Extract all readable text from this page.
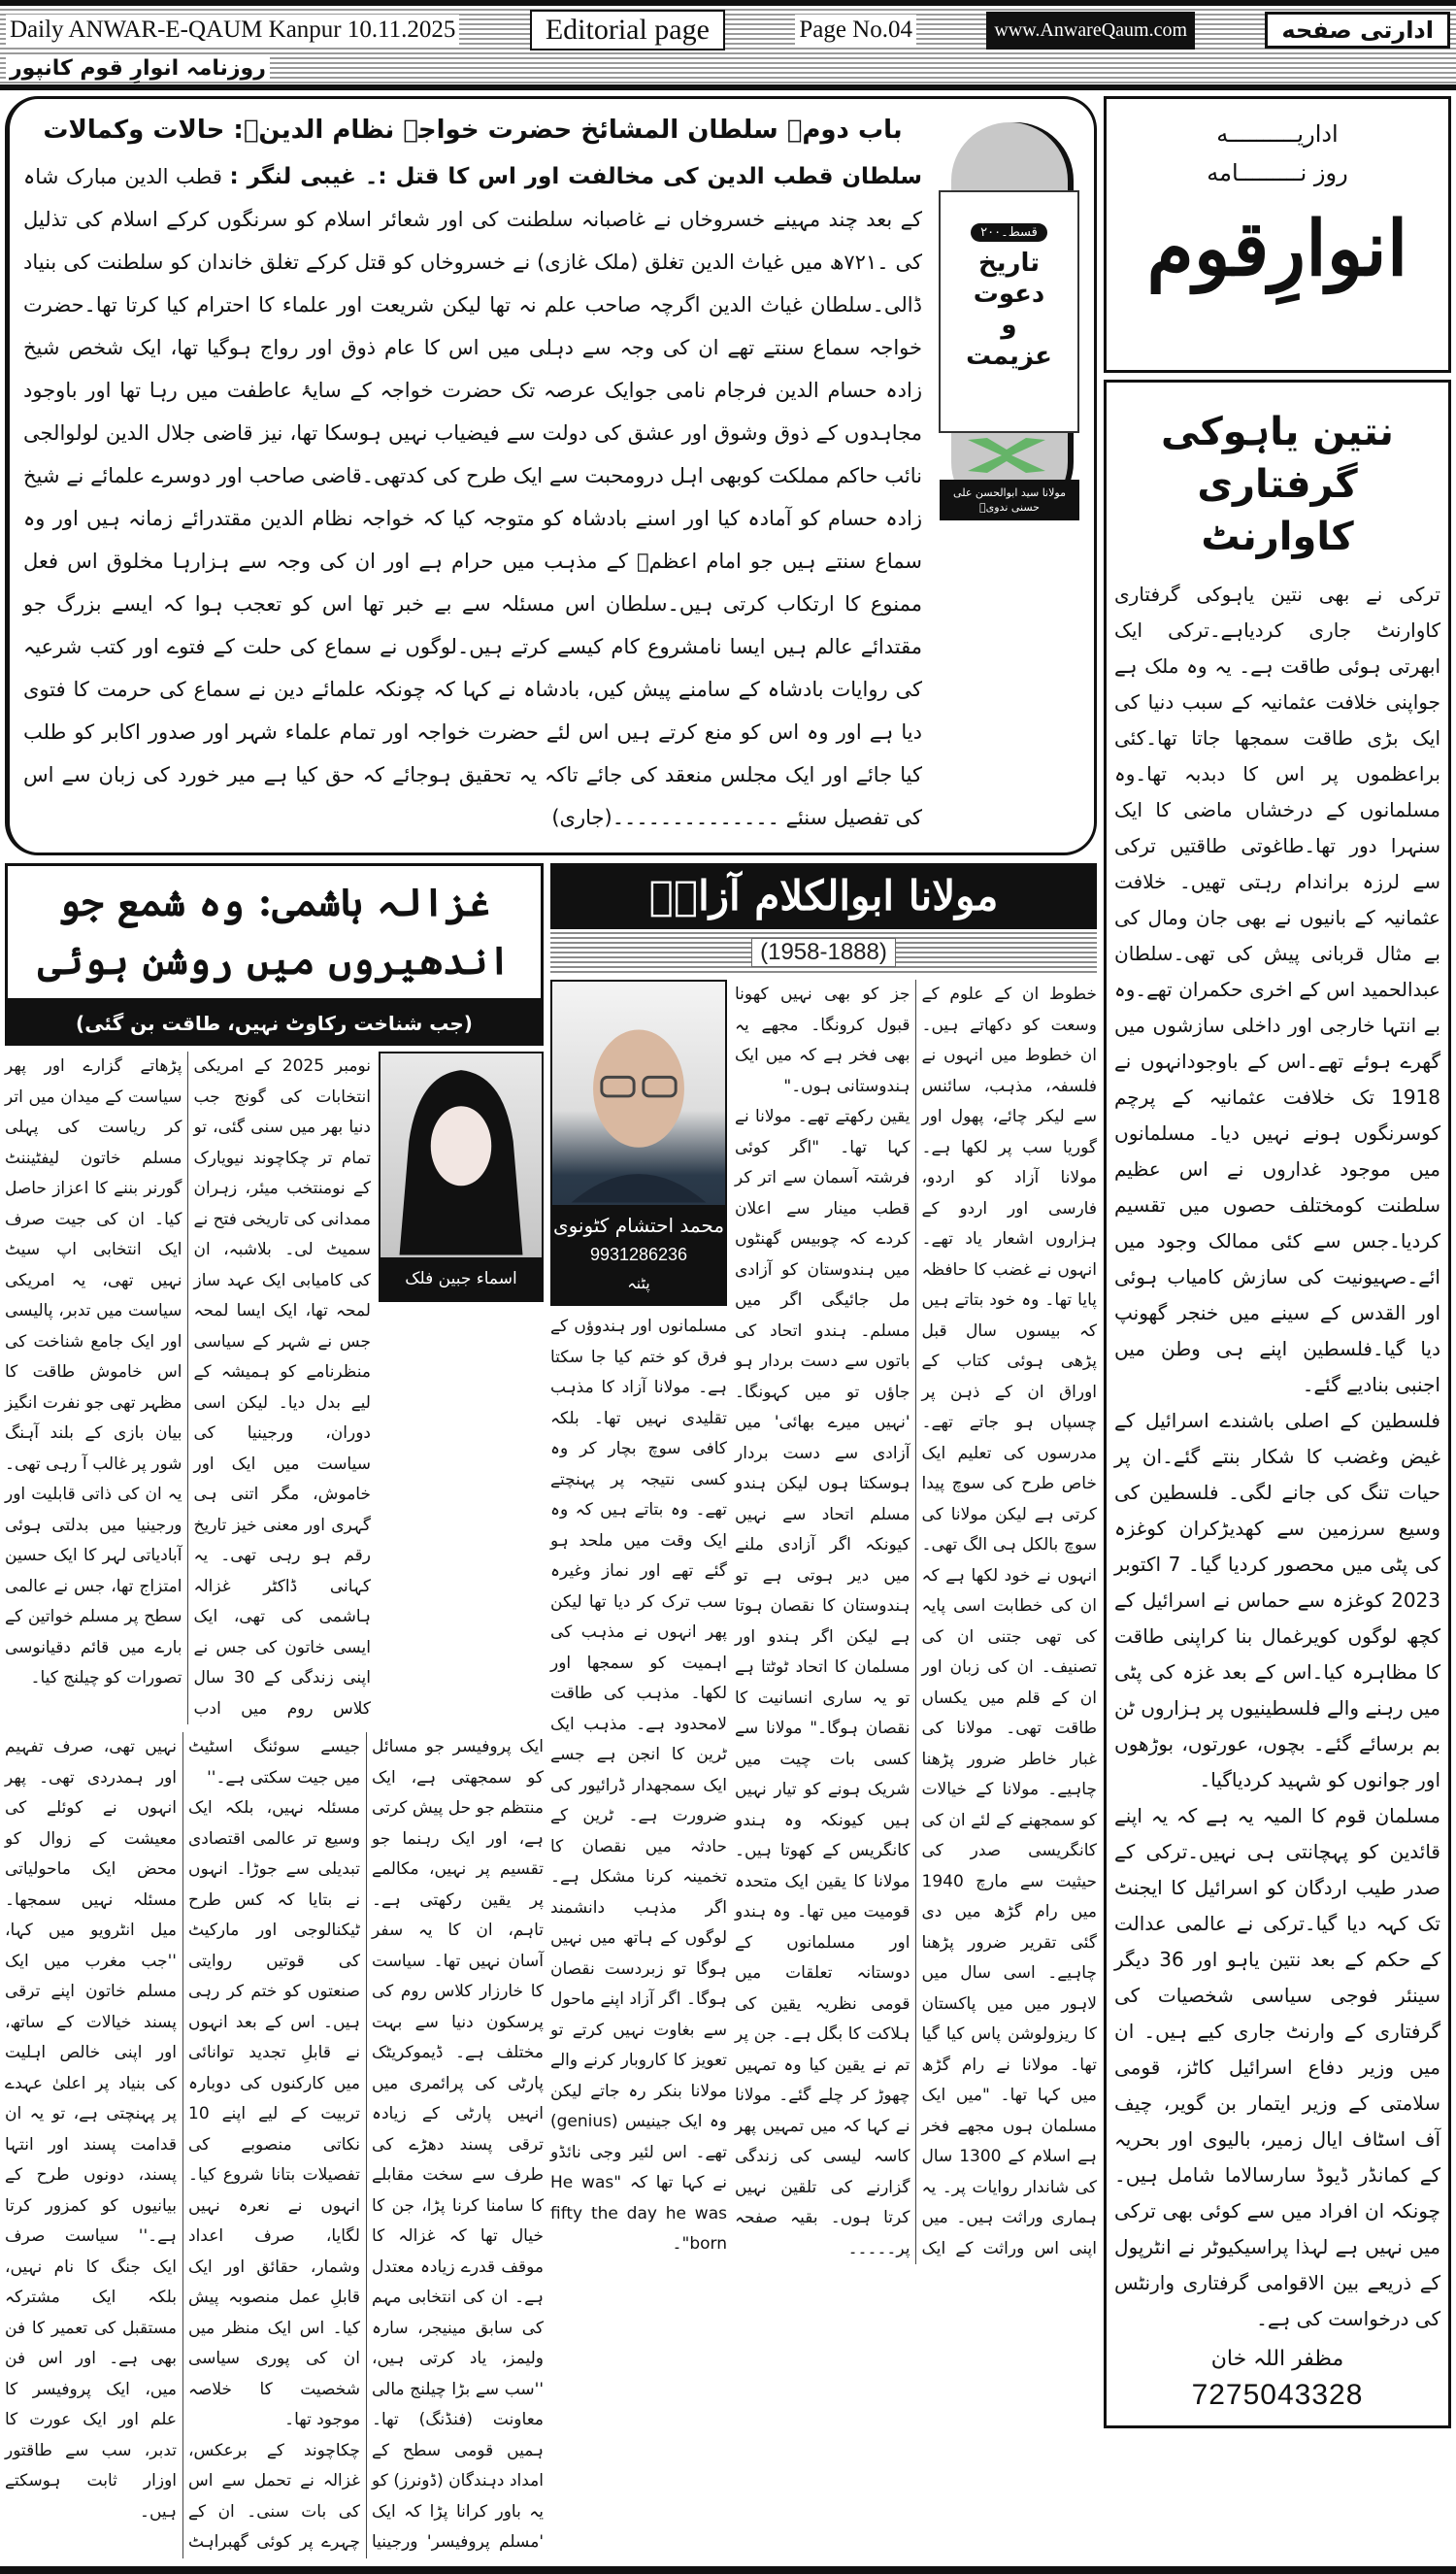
Daily ANWAR-E-QAUM Kanpur 10.11.2025	Editorial page	Page No.04	www.AnwareQaum.com	ادارتی صفحه
روزنامہ انوارِ قوم کانپور
باب دوم۔ سلطان المشائخ حضرت خواجہ نظام الدینؒ: حالات وکمالات
سلطان قطب الدین کی مخالفت اور اس کا قتل :۔ غیبی لنگر : قطب الدین مبارک شاہ کے بعد چند مہینے خسروخاں نے غاصبانہ سلطنت کی اور شعائر اسلام کو سرنگوں کرکے اسلام کی تذلیل کی ۔۷۲۱ھ میں غیاث الدین تغلق (ملک غازی) نے خسروخاں کو قتل کرکے تغلق خاندان کو سلطنت کی بنیاد ڈالی۔سلطان غیاث الدین اگرچہ صاحب علم نہ تھا لیکن شریعت اور علماء کا احترام کیا کرتا تھا۔حضرت خواجہ سماع سنتے تھے ان کی وجہ سے دہلی میں اس کا عام ذوق اور رواج ہوگیا تھا، ایک شخص شیخ زادہ حسام الدین فرجام نامی جوایک عرصہ تک حضرت خواجہ کے سایۂ عاطفت میں رہا تھا اور باوجود مجاہدوں کے ذوق وشوق اور عشق کی دولت سے فیضیاب نہیں ہوسکا تھا، نیز قاضی جلال الدین لولوالجی نائب حاکم مملکت کوبھی اہل درومحبت سے ایک طرح کی کدتھی۔قاضی صاحب اور دوسرے علمائے نے شیخ زادہ حسام کو آمادہ کیا اور اسنے بادشاہ کو متوجہ کیا کہ خواجہ نظام الدین مقتدرائے زمانہ ہیں اور وہ سماع سنتے ہیں جو امام اعظمؒ کے مذہب میں حرام ہے اور ان کی وجہ سے ہزارہا مخلوق اس فعل ممنوع کا ارتکاب کرتی ہیں۔سلطان اس مسئلہ سے بے خبر تھا اس کو تعجب ہوا کہ ایسے بزرگ جو مقتدائے عالم ہیں ایسا نامشروع کام کیسے کرتے ہیں۔لوگوں نے سماع کی حلت کے فتوے اور کتب شرعیہ کی روایات بادشاہ کے سامنے پیش کیں، بادشاہ نے کہا کہ چونکہ علمائے دین نے سماع کی حرمت کا فتوی دیا ہے اور وہ اس کو منع کرتے ہیں اس لئے حضرت خواجہ اور تمام علماء شہر اور صدور اکابر کو طلب کیا جائے اور ایک مجلس منعقد کی جائے تاکہ یہ تحقیق ہوجائے کہ حق کیا ہے میر خورد کی زبان سے اس کی تفصیل سنئے ۔۔۔۔۔۔۔۔۔۔۔۔۔۔(جاری)
قسط۔۲۰۰
تاریخ دعوت
و
عزیمت
مولانا سید ابوالحسن علی حسنی ندویؒ
غزالہ ہاشمی: وہ شمع جو اندھیروں میں روشن ہوئی
(جب شناخت رکاوٹ نہیں، طاقت بن گئی)

نومبر 2025 کے امریکی انتخابات کی گونج جب دنیا بھر میں سنی گئی، تو تمام تر چکاچوند نیویارک کے نومنتخب میئر، زہران ممدانی کی تاریخی فتح نے سمیٹ لی۔ بلاشبہ، ان کی کامیابی ایک عہد ساز لمحہ تھا، ایک ایسا لمحہ جس نے شہر کے سیاسی منظرنامے کو ہمیشہ کے لیے بدل دیا۔ لیکن اسی دوران، ورجینیا کی سیاست میں ایک اور خاموش، مگر اتنی ہی گہری اور معنی خیز تاریخ رقم ہو رہی تھی۔ یہ کہانی ڈاکٹر غزالہ ہاشمی کی تھی، ایک ایسی خاتون کی جس نے اپنی زندگی کے 30 سال کلاس روم میں ادب پڑھاتے گزارے اور پھر سیاست کے میدان میں اتر کر ریاست کی پہلی مسلم خاتون لیفٹیننٹ گورنر بننے کا اعزاز حاصل کیا۔ ان کی جیت صرف ایک انتخابی اپ سیٹ نہیں تھی، یہ امریکی سیاست میں تدبر، پالیسی اور ایک جامع شناخت کی اس خاموش طاقت کا مظہر تھی جو نفرت انگیز بیان بازی کے بلند آہنگ شور پر غالب آ رہی تھی۔ یہ ان کی ذاتی قابلیت اور ورجینیا میں بدلتی ہوئی آبادیاتی لہر کا ایک حسین امتزاج تھا، جس نے عالمی سطح پر مسلم خواتین کے بارے میں قائم دقیانوسی تصورات کو چیلنج کیا۔

اسماء جبین فلک

ایک پروفیسر جو مسائل کو سمجھتی ہے، ایک منتظم جو حل پیش کرتی ہے، اور ایک رہنما جو تقسیم پر نہیں، مکالمے پر یقین رکھتی ہے۔ تاہم، ان کا یہ سفر آسان نہیں تھا۔ سیاست کا خارزار کلاس روم کی پرسکون دنیا سے بہت مختلف ہے۔ ڈیموکریٹک پارٹی کی پرائمری میں انہیں پارٹی کے زیادہ ترقی پسند دھڑے کی طرف سے سخت مقابلے کا سامنا کرنا پڑا، جن کا خیال تھا کہ غزالہ کا موقف قدرے زیادہ معتدل ہے۔ ان کی انتخابی مہم کی سابق مینیجر، سارہ ولیمز، یاد کرتی ہیں، ''سب سے بڑا چیلنج مالی معاونت (فنڈنگ) تھا۔ ہمیں قومی سطح کے امداد دہندگان (ڈونرز) کو یہ باور کرانا پڑا کہ ایک 'مسلم پروفیسر' ورجینیا جیسے سوئنگ اسٹیٹ میں جیت سکتی ہے۔''

مسئلہ نہیں، بلکہ ایک وسیع تر عالمی اقتصادی تبدیلی سے جوڑا۔ انہوں نے بتایا کہ کس طرح ٹیکنالوجی اور مارکیٹ کی قوتیں روایتی صنعتوں کو ختم کر رہی ہیں۔ اس کے بعد انہوں نے قابلِ تجدید توانائی میں کارکنوں کی دوبارہ تربیت کے لیے اپنے 10 نکاتی منصوبے کی تفصیلات بتانا شروع کیا۔ انہوں نے نعرہ نہیں لگایا، صرف اعداد وشمار، حقائق اور ایک قابلِ عمل منصوبہ پیش کیا۔ اس ایک منظر میں ان کی پوری سیاسی شخصیت کا خلاصہ موجود تھا۔

چکاچوند کے برعکس، غزالہ نے تحمل سے اس کی بات سنی۔ ان کے چہرے پر کوئی گھبراہٹ نہیں تھی، صرف تفہیم اور ہمدردی تھی۔ پھر انہوں نے کوئلے کی معیشت کے زوال کو محض ایک ماحولیاتی مسئلہ نہیں سمجھا۔ میل انٹرویو میں کہا، ''جب مغرب میں ایک مسلم خاتون اپنے ترقی پسند خیالات کے ساتھ، اور اپنی خالص اہلیت کی بنیاد پر اعلیٰ عہدے پر پہنچتی ہے، تو یہ ان قدامت پسند اور انتہا پسند، دونوں طرح کے بیانیوں کو کمزور کرتا ہے۔'' سیاست صرف ایک جنگ کا نام نہیں، بلکہ ایک مشترکہ مستقبل کی تعمیر کا فن بھی ہے۔ اور اس فن میں، ایک پروفیسر کا علم اور ایک عورت کا تدبر، سب سے طاقتور اوزار ثابت ہوسکتے ہیں۔

مولانا ابوالکلام آزادؒ
(1958-1888)
محمد احتشام کٹونوی
9931286236
پٹنہ

مسلمانوں اور ہندوؤں کے فرق کو ختم کیا جا سکتا ہے۔ مولانا آزاد کا مذہب تقلیدی نہیں تھا۔ بلکہ کافی سوچ بچار کر وہ کسی نتیجہ پر پہنچتے تھے۔ وہ بتاتے ہیں کہ وہ ایک وقت میں ملحد ہو گئے تھے اور نماز وغیرہ سب ترک کر دیا تھا لیکن پھر انہوں نے مذہب کی اہمیت کو سمجھا اور لکھا۔ مذہب کی طاقت لامحدود ہے۔ مذہب ایک ٹرین کا انجن ہے جسے ایک سمجھدار ڈرائیور کی ضرورت ہے۔ ٹرین کے حادثہ میں نقصان کا تخمینہ کرنا مشکل ہے۔ اگر مذہب دانشمند لوگوں کے ہاتھ میں نہیں ہوگا تو زبردست نقصان ہوگا۔ اگر آزاد اپنے ماحول سے بغاوت نہیں کرتے تو تعویز کا کاروبار کرنے والے مولانا بنکر رہ جاتے لیکن وہ ایک جینیس (genius) تھے۔ اس لئیر وجی نائڈو نے کہا تھا کہ "He was fifty the day he was born"۔

خطوط ان کے علوم کے وسعت کو دکھاتے ہیں۔ ان خطوط میں انہوں نے فلسفہ، مذہب، سائنس سے لیکر چائے، پھول اور گوریا سب پر لکھا ہے۔ مولانا آزاد کو اردو، فارسی اور اردو کے ہزاروں اشعار یاد تھے۔ انہوں نے غضب کا حافظہ پایا تھا۔ وہ خود بتاتے ہیں کہ بیسوں سال قبل پڑھی ہوئی کتاب کے اوراق ان کے ذہن پر چسپاں ہو جاتے تھے۔ مدرسوں کی تعلیم ایک خاص طرح کی سوچ پیدا کرتی ہے لیکن مولانا کی سوچ بالکل ہی الگ تھی۔ انہوں نے خود لکھا ہے کہ ان کی خطابت اسی پایہ کی تھی جتنی ان کی تصنیف۔ ان کی زبان اور ان کے قلم میں یکساں طاقت تھی۔ مولانا کی غبار خاطر ضرور پڑھنا چاہیے۔ مولانا کے خیالات کو سمجھنے کے لئے ان کی کانگریسی صدر کی حیثیت سے مارچ 1940 میں رام گڑھ میں دی گئی تقریر ضرور پڑھنا چاہیے۔ اسی سال میں لاہور میں میں پاکستان کا ریزولوشن پاس کیا گیا تھا۔ مولانا نے رام گڑھ میں کہا تھا۔ "میں ایک مسلمان ہوں مجھے فخر ہے اسلام کے 1300 سال کی شاندار روایات پر۔ یہ ہماری وراثت ہیں۔ میں اپنی اس وراثت کے ایک جز کو بھی نہیں کھونا قبول کرونگا۔ مجھے یہ بھی فخر ہے کہ میں ایک ہندوستانی ہوں۔"

یقین رکھتے تھے۔ مولانا نے کہا تھا۔ "اگر کوئی فرشتہ آسمان سے اتر کر قطب مینار سے اعلان کردے کہ چوبیس گھنٹوں میں ہندوستان کو آزادی مل جائیگی اگر میں مسلم۔ ہندو اتحاد کی باتوں سے دست بردار ہو جاؤں تو میں کہونگا۔ 'نہیں میرے بھائی' میں آزادی سے دست بردار ہوسکتا ہوں لیکن ہندو مسلم اتحاد سے نہیں کیونکہ اگر آزادی ملنے میں دیر ہوتی ہے تو ہندوستان کا نقصان ہوتا ہے لیکن اگر ہندو اور مسلمان کا اتحاد ٹوٹتا ہے تو یہ ساری انسانیت کا نقصان ہوگا۔" مولانا سے کسی بات چیت میں شریک ہونے کو تیار نہیں ہیں کیونکہ وہ ہندو کانگریس کے کھوتا ہیں۔ مولانا کا یقین ایک متحدہ قومیت میں تھا۔ وہ ہندو اور مسلمانوں کے دوستانہ تعلقات میں قومی نظریہ یقین کی ہلاکت کا بگل ہے۔ جن پر تم نے یقین کیا وہ تمہیں چھوڑ کر چلے گئے۔ مولانا نے کہا کہ میں تمہیں پھر کاسہ لیسی کی زندگی گزارنے کی تلقین نہیں کرتا ہوں۔ بقیہ صفحہ پر۔۔۔۔۔

اداریــــــــــه
روز نـــــــــامه
انوارِقوم
نتین یاہوکی گرفتاری کاوارنٹ

ترکی نے بھی نتین یاہوکی گرفتاری کاوارنٹ جاری کردیاہے۔ترکی ایک ابھرتی ہوئی طاقت ہے۔ یہ وہ ملک ہے جواپنی خلافت عثمانیہ کے سبب دنیا کی ایک بڑی طاقت سمجھا جاتا تھا۔کئی براعظموں پر اس کا دبدبہ تھا۔وہ مسلمانوں کے درخشاں ماضی کا ایک سنہرا دور تھا۔طاغوتی طاقتیں ترکی سے لرزہ براندام رہتی تھیں۔ خلافت عثمانیہ کے بانیوں نے بھی جان ومال کی بے مثال قربانی پیش کی تھی۔سلطان عبدالحمید اس کے اخری حکمران تھے۔وہ بے انتہا خارجی اور داخلی سازشوں میں گھرے ہوئے تھے۔اس کے باوجودانہوں نے 1918 تک خلافت عثمانیہ کے پرچم کوسرنگوں ہونے نہیں دیا۔ مسلمانوں میں موجود غداروں نے اس عظیم سلطنت کومختلف حصوں میں تقسیم کردیا۔جس سے کئی ممالک وجود میں ائے۔صہیونیت کی سازش کامیاب ہوئی اور القدس کے سینے میں خنجر گھونپ دیا گیا۔فلسطین اپنے ہی وطن میں اجنبی بنادیے گئے۔

فلسطین کے اصلی باشندے اسرائیل کے غیض وغضب کا شکار بنتے گئے۔ان پر حیات تنگ کی جانے لگی۔ فلسطین کی وسیع سرزمین سے کھدیڑکران کوغزہ کی پٹی میں محصور کردیا گیا۔ 7 اکتوبر 2023 کوغزہ سے حماس نے اسرائیل کے کچھ لوگوں کویرغمال بنا کراپنی طاقت کا مظاہرہ کیا۔اس کے بعد غزہ کی پٹی میں رہنے والے فلسطینیوں پر ہزاروں ٹن بم برسائے گئے۔ بچوں، عورتوں، بوڑھوں اور جوانوں کو شہید کردیاگیا۔

مسلمان قوم کا المیہ یہ ہے کہ یہ اپنے قائدین کو پہچانتی ہی نہیں۔ترکی کے صدر طیب اردگان کو اسرائیل کا ایجنٹ تک کہہ دیا گیا۔ترکی نے عالمی عدالت کے حکم کے بعد نتین یاہو اور 36 دیگر سینئر فوجی سیاسی شخصیات کی گرفتاری کے وارنٹ جاری کیے ہیں۔ ان میں وزیر دفاع اسرائیل کاٹز، قومی سلامتی کے وزیر ایتمار بن گویر، چیف آف اسٹاف ایال زمیر، بالیوی اور بحریہ کے کمانڈر ڈیوڈ سارسالاما شامل ہیں۔چونکہ ان افراد میں سے کوئی بھی ترکی میں نہیں ہے لہذا پراسیکیوٹر نے انٹرپول کے ذریعے بین الاقوامی گرفتاری وارنٹس کی درخواست کی ہے۔

مظفر اللہ خان
7275043328
